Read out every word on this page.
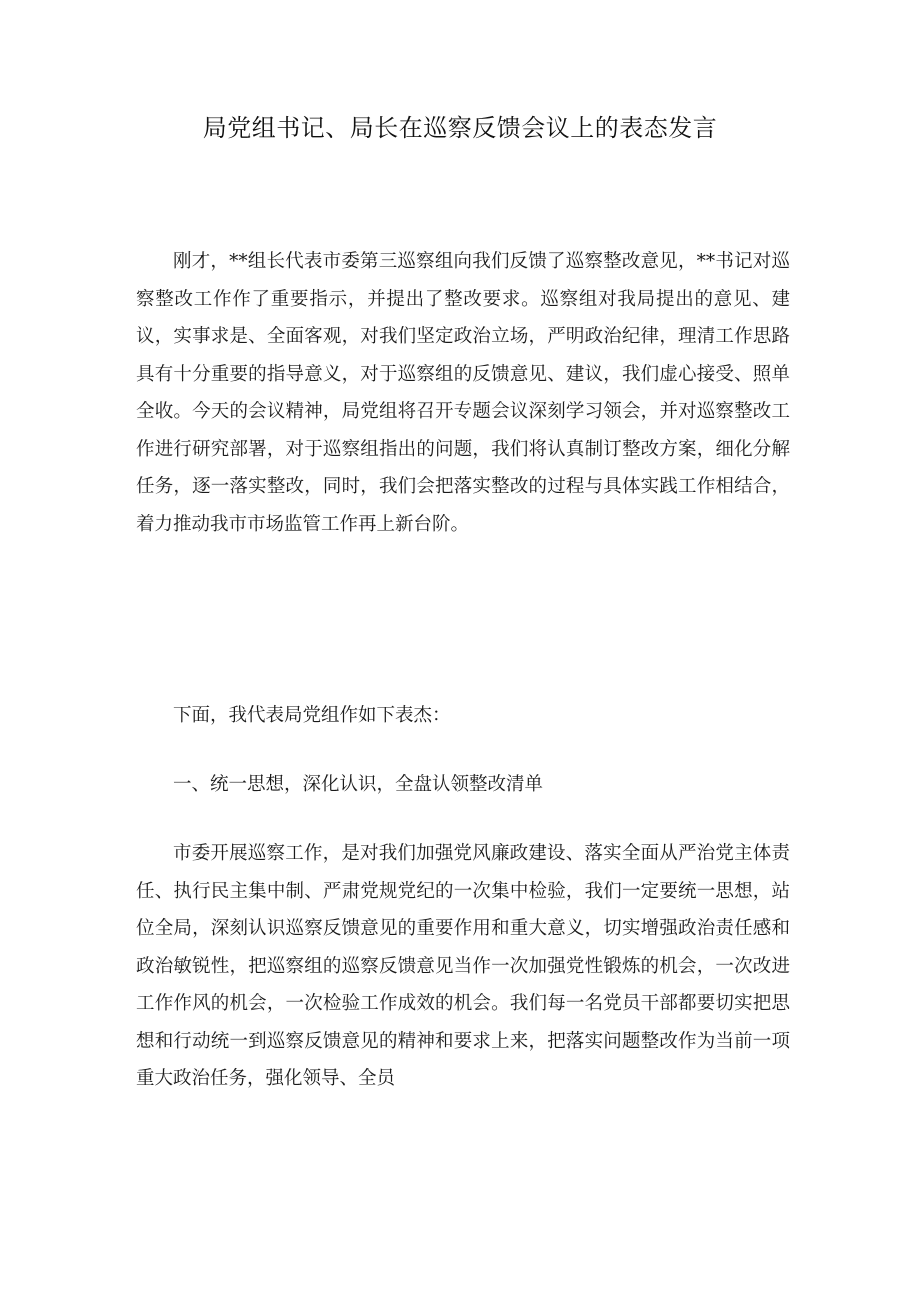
局党组书记、局长在巡察反馈会议上的表态发言

刚才，**组长代表市委第三巡察组向我们反馈了巡察整改意见，**书记对巡察整改工作作了重要指示，并提出了整改要求。巡察组对我局提出的意见、建议，实事求是、全面客观，对我们坚定政治立场，严明政治纪律，理清工作思路具有十分重要的指导意义，对于巡察组的反馈意见、建议，我们虚心接受、照单全收。今天的会议精神，局党组将召开专题会议深刻学习领会，并对巡察整改工作进行研究部署，对于巡察组指出的问题，我们将认真制订整改方案，细化分解任务，逐一落实整改，同时，我们会把落实整改的过程与具体实践工作相结合，着力推动我市市场监管工作再上新台阶。

下面，我代表局党组作如下表杰：

一、统一思想，深化认识，全盘认领整改清单

市委开展巡察工作，是对我们加强党风廉政建设、落实全面从严治党主体责任、执行民主集中制、严肃党规党纪的一次集中检验，我们一定要统一思想，站位全局，深刻认识巡察反馈意见的重要作用和重大意义，切实增强政治责任感和政治敏锐性，把巡察组的巡察反馈意见当作一次加强党性锻炼的机会，一次改进工作作风的机会，一次检验工作成效的机会。我们每一名党员干部都要切实把思想和行动统一到巡察反馈意见的精神和要求上来，把落实问题整改作为当前一项重大政治任务，强化领导、全员
